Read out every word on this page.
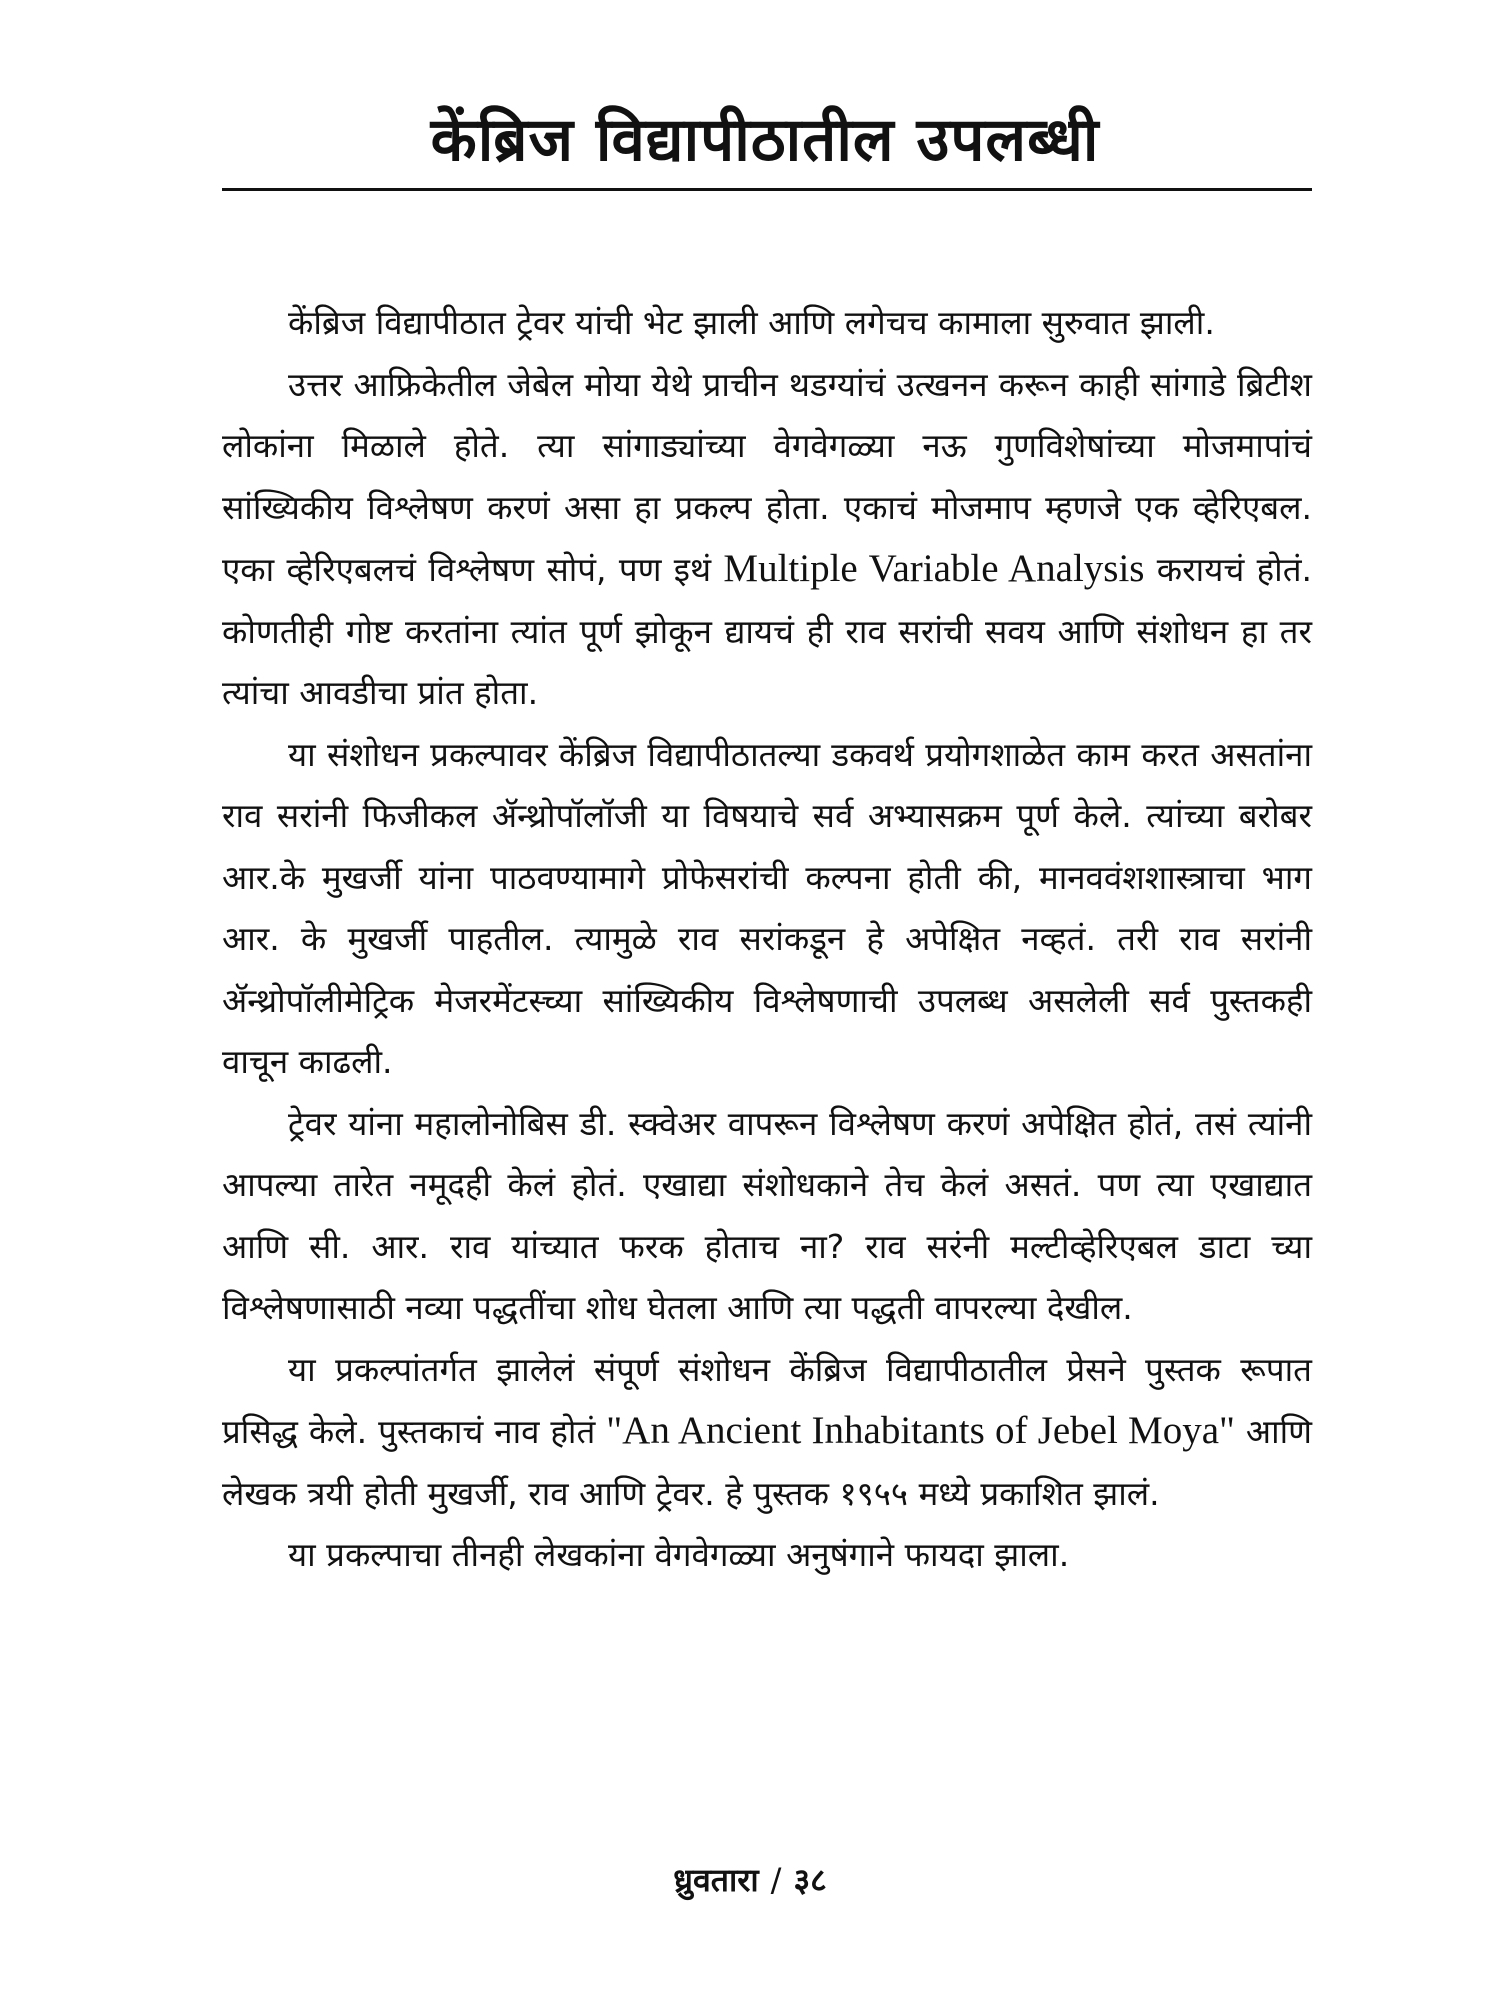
केंब्रिज विद्यापीठातील उपलब्धी

केंब्रिज विद्यापीठात ट्रेवर यांची भेट झाली आणि लगेचच कामाला सुरुवात झाली.

उत्तर आफ्रिकेतील जेबेल मोया येथे प्राचीन थडग्यांचं उत्खनन करून काही सांगाडे ब्रिटीश लोकांना मिळाले होते. त्या सांगाड्यांच्या वेगवेगळ्या नऊ गुणविशेषांच्या मोजमापांचं सांख्यिकीय विश्लेषण करणं असा हा प्रकल्प होता. एकाचं मोजमाप म्हणजे एक व्हेरिएबल. एका व्हेरिएबलचं विश्लेषण सोपं, पण इथं Multiple Variable Analysis करायचं होतं. कोणतीही गोष्ट करतांना त्यांत पूर्ण झोकून द्यायचं ही राव सरांची सवय आणि संशोधन हा तर त्यांचा आवडीचा प्रांत होता.

या संशोधन प्रकल्पावर केंब्रिज विद्यापीठातल्या डकवर्थ प्रयोगशाळेत काम करत असतांना राव सरांनी फिजीकल ॲन्थ्रोपॉलॉजी या विषयाचे सर्व अभ्यासक्रम पूर्ण केले. त्यांच्या बरोबर आर.के मुखर्जी यांना पाठवण्यामागे प्रोफेसरांची कल्पना होती की, मानववंशशास्त्राचा भाग आर. के मुखर्जी पाहतील. त्यामुळे राव सरांकडून हे अपेक्षित नव्हतं. तरी राव सरांनी ॲन्थ्रोपॉलीमेट्रिक मेजरमेंटस्च्या सांख्यिकीय विश्लेषणाची उपलब्ध असलेली सर्व पुस्तकही वाचून काढली.

ट्रेवर यांना महालोनोबिस डी. स्क्वेअर वापरून विश्लेषण करणं अपेक्षित होतं, तसं त्यांनी आपल्या तारेत नमूदही केलं होतं. एखाद्या संशोधकाने तेच केलं असतं. पण त्या एखाद्यात आणि सी. आर. राव यांच्यात फरक होताच ना? राव सरंनी मल्टीव्हेरिएबल डाटा च्या विश्लेषणासाठी नव्या पद्धतींचा शोध घेतला आणि त्या पद्धती वापरल्या देखील.

या प्रकल्पांतर्गत झालेलं संपूर्ण संशोधन केंब्रिज विद्यापीठातील प्रेसने पुस्तक रूपात प्रसिद्ध केले. पुस्तकाचं नाव होतं "An Ancient Inhabitants of Jebel Moya" आणि लेखक त्रयी होती मुखर्जी, राव आणि ट्रेवर. हे पुस्तक १९५५ मध्ये प्रकाशित झालं.

या प्रकल्पाचा तीनही लेखकांना वेगवेगळ्या अनुषंगाने फायदा झाला.

ध्रुवतारा / ३८
